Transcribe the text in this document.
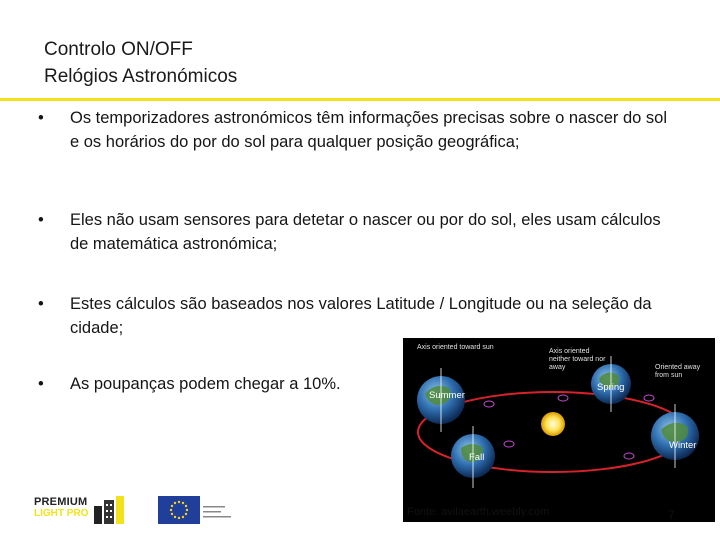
Controlo ON/OFF
Relógios Astronómicos
•	Os temporizadores astronómicos têm informações precisas sobre o nascer do sol e os horários do por do sol para qualquer posição geográfica;
•	Eles não usam sensores para detetar o nascer ou por do sol, eles usam cálculos de matemática astronómica;
•	Estes cálculos são baseados nos valores Latitude / Longitude ou na seleção da cidade;
•	As poupanças podem chegar a 10%.
Axis oriented toward sun
Axis oriented neither toward nor away	Oriented away from sun
Summer
Spring
Fall
Winter
Fonte: avilaearth.weebly.com	7
PREMIUM
LIGHT PRO
